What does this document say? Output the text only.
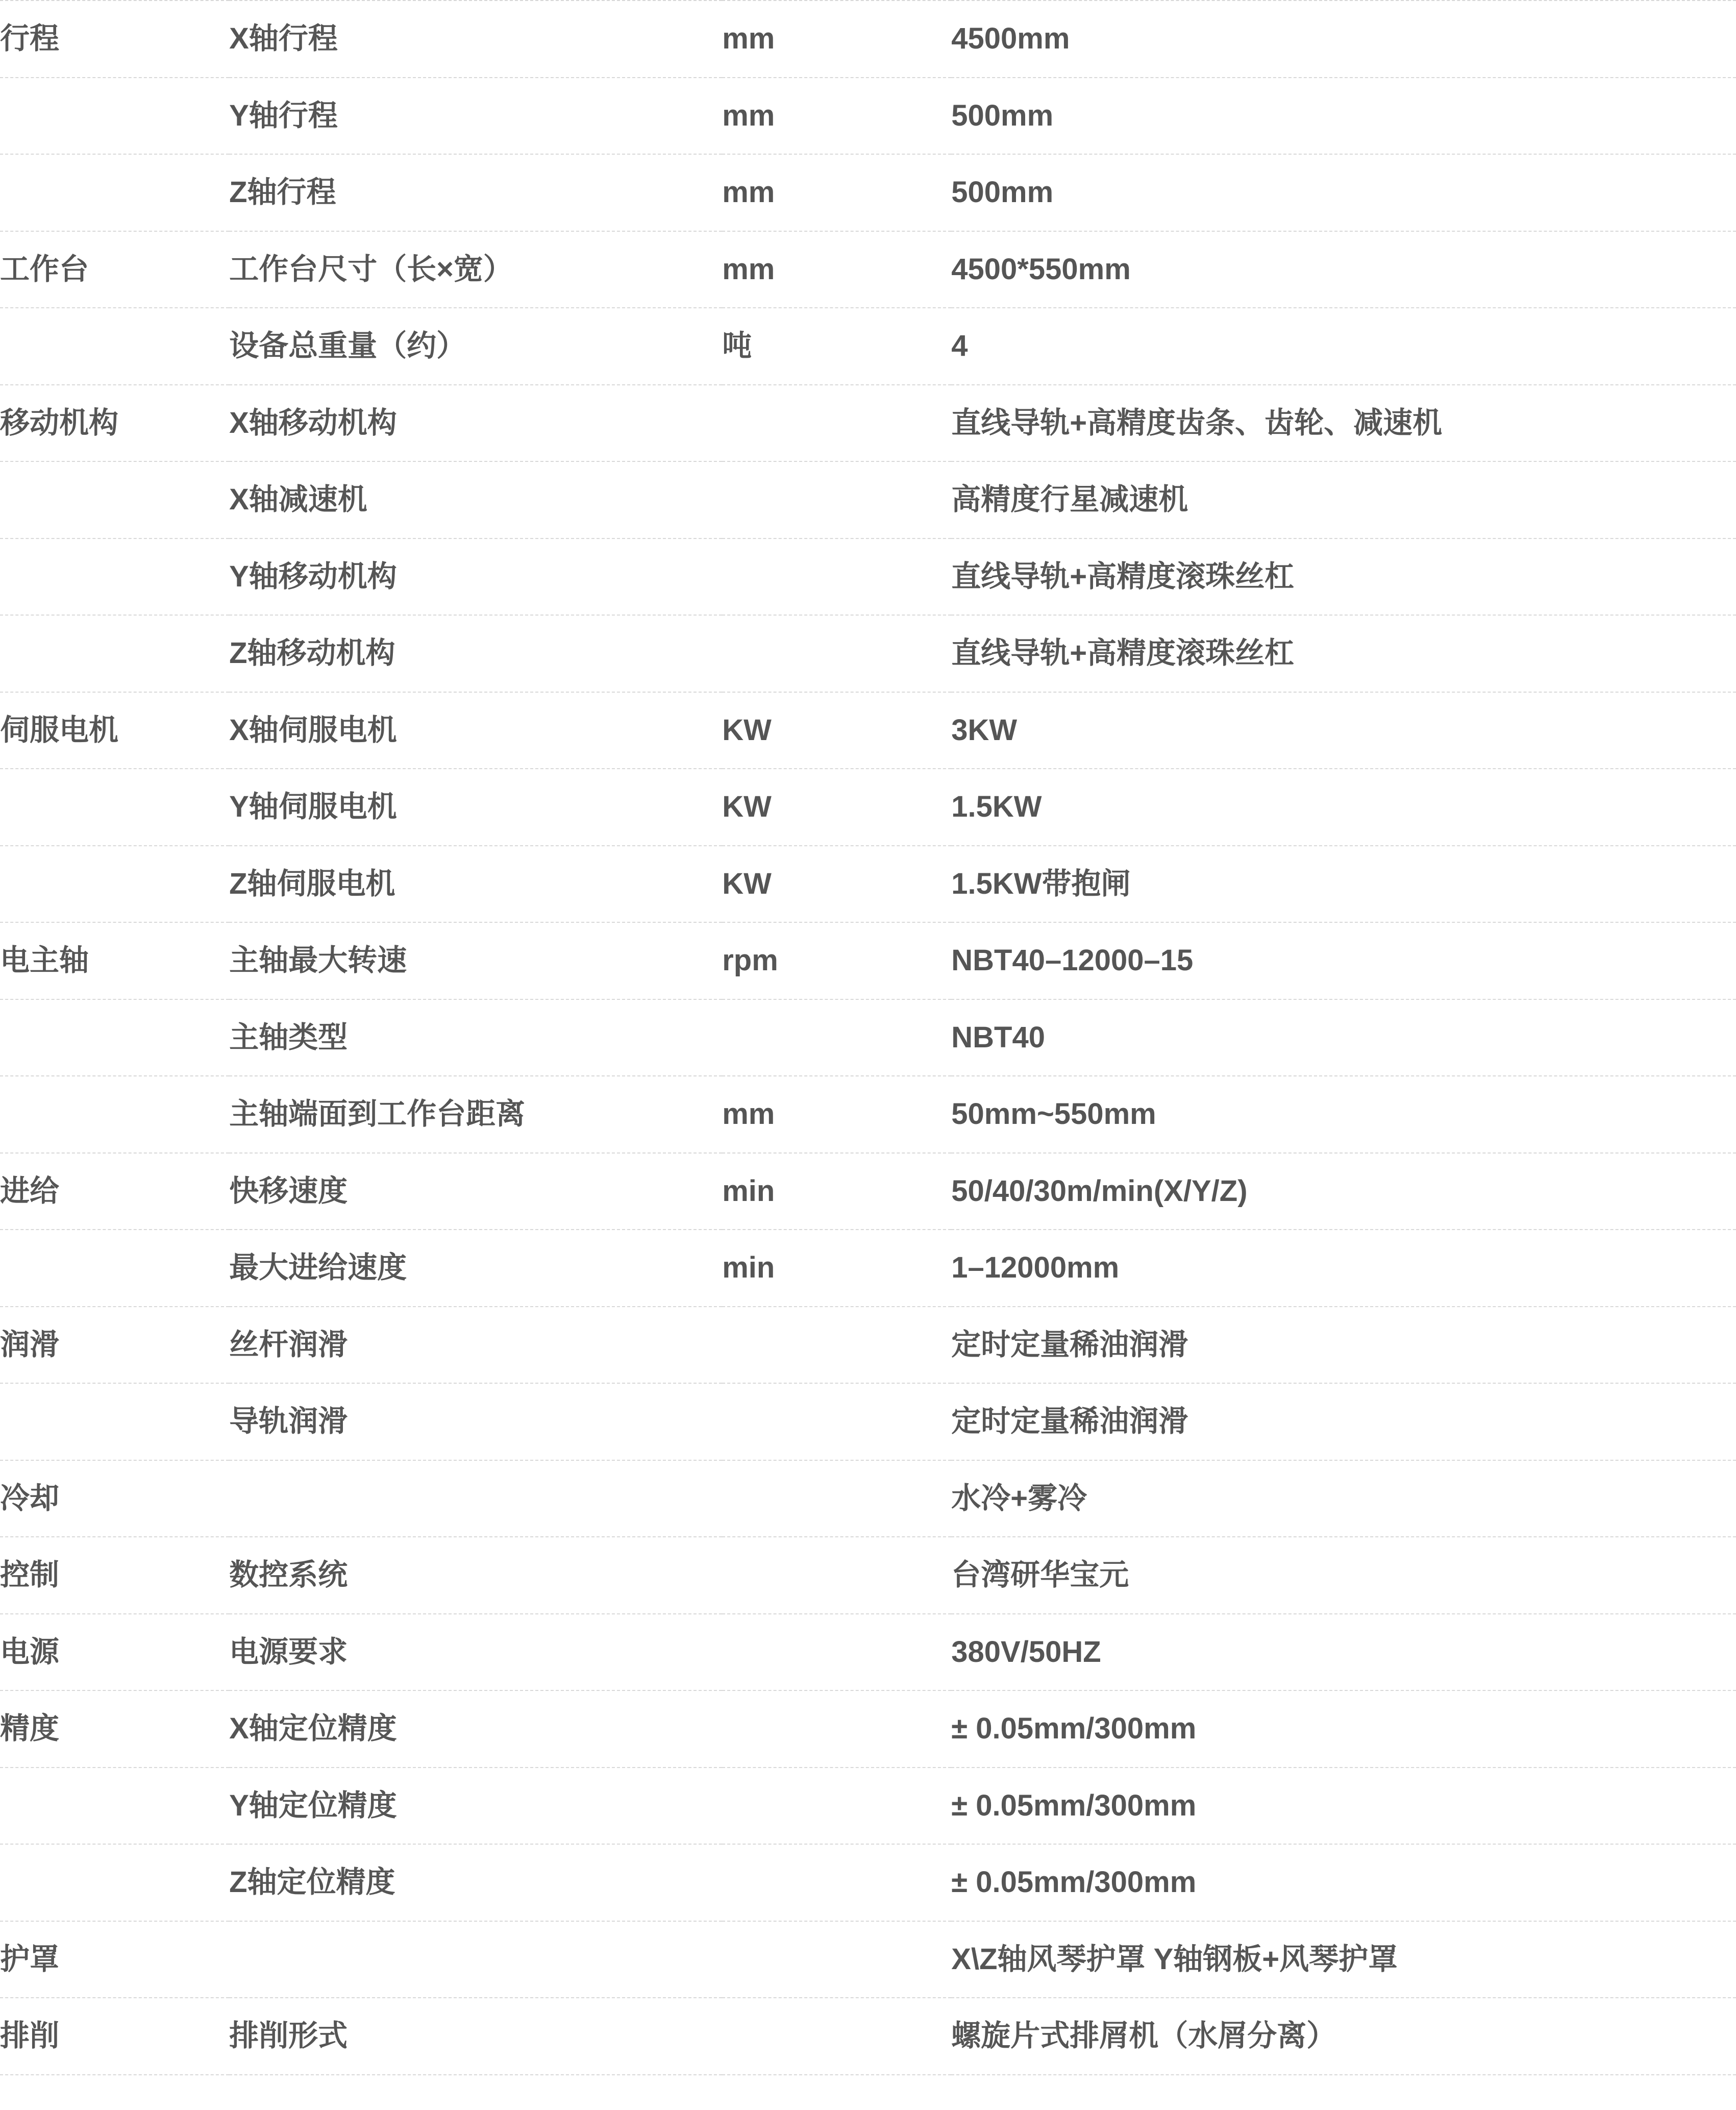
行程	X轴行程	mm	4500mm
	Y轴行程	mm	500mm
	Z轴行程	mm	500mm
工作台	工作台尺寸（长×宽）	mm	4500*550mm
	设备总重量（约）	吨	4
移动机构	X轴移动机构		直线导轨+高精度齿条、齿轮、减速机
	X轴减速机		高精度行星减速机
	Y轴移动机构		直线导轨+高精度滚珠丝杠
	Z轴移动机构		直线导轨+高精度滚珠丝杠
伺服电机	X轴伺服电机	KW	3KW
	Y轴伺服电机	KW	1.5KW
	Z轴伺服电机	KW	1.5KW带抱闸
电主轴	主轴最大转速	rpm	NBT40–12000–15
	主轴类型		NBT40
	主轴端面到工作台距离	mm	50mm~550mm
进给	快移速度	min	50/40/30m/min(X/Y/Z)
	最大进给速度	min	1–12000mm
润滑	丝杆润滑		定时定量稀油润滑
	导轨润滑		定时定量稀油润滑
冷却			水冷+雾冷
控制	数控系统		台湾研华宝元
电源	电源要求		380V/50HZ
精度	X轴定位精度		± 0.05mm/300mm
	Y轴定位精度		± 0.05mm/300mm
	Z轴定位精度		± 0.05mm/300mm
护罩			X\Z轴风琴护罩 Y轴钢板+风琴护罩
排削	排削形式		螺旋片式排屑机（水屑分离）
